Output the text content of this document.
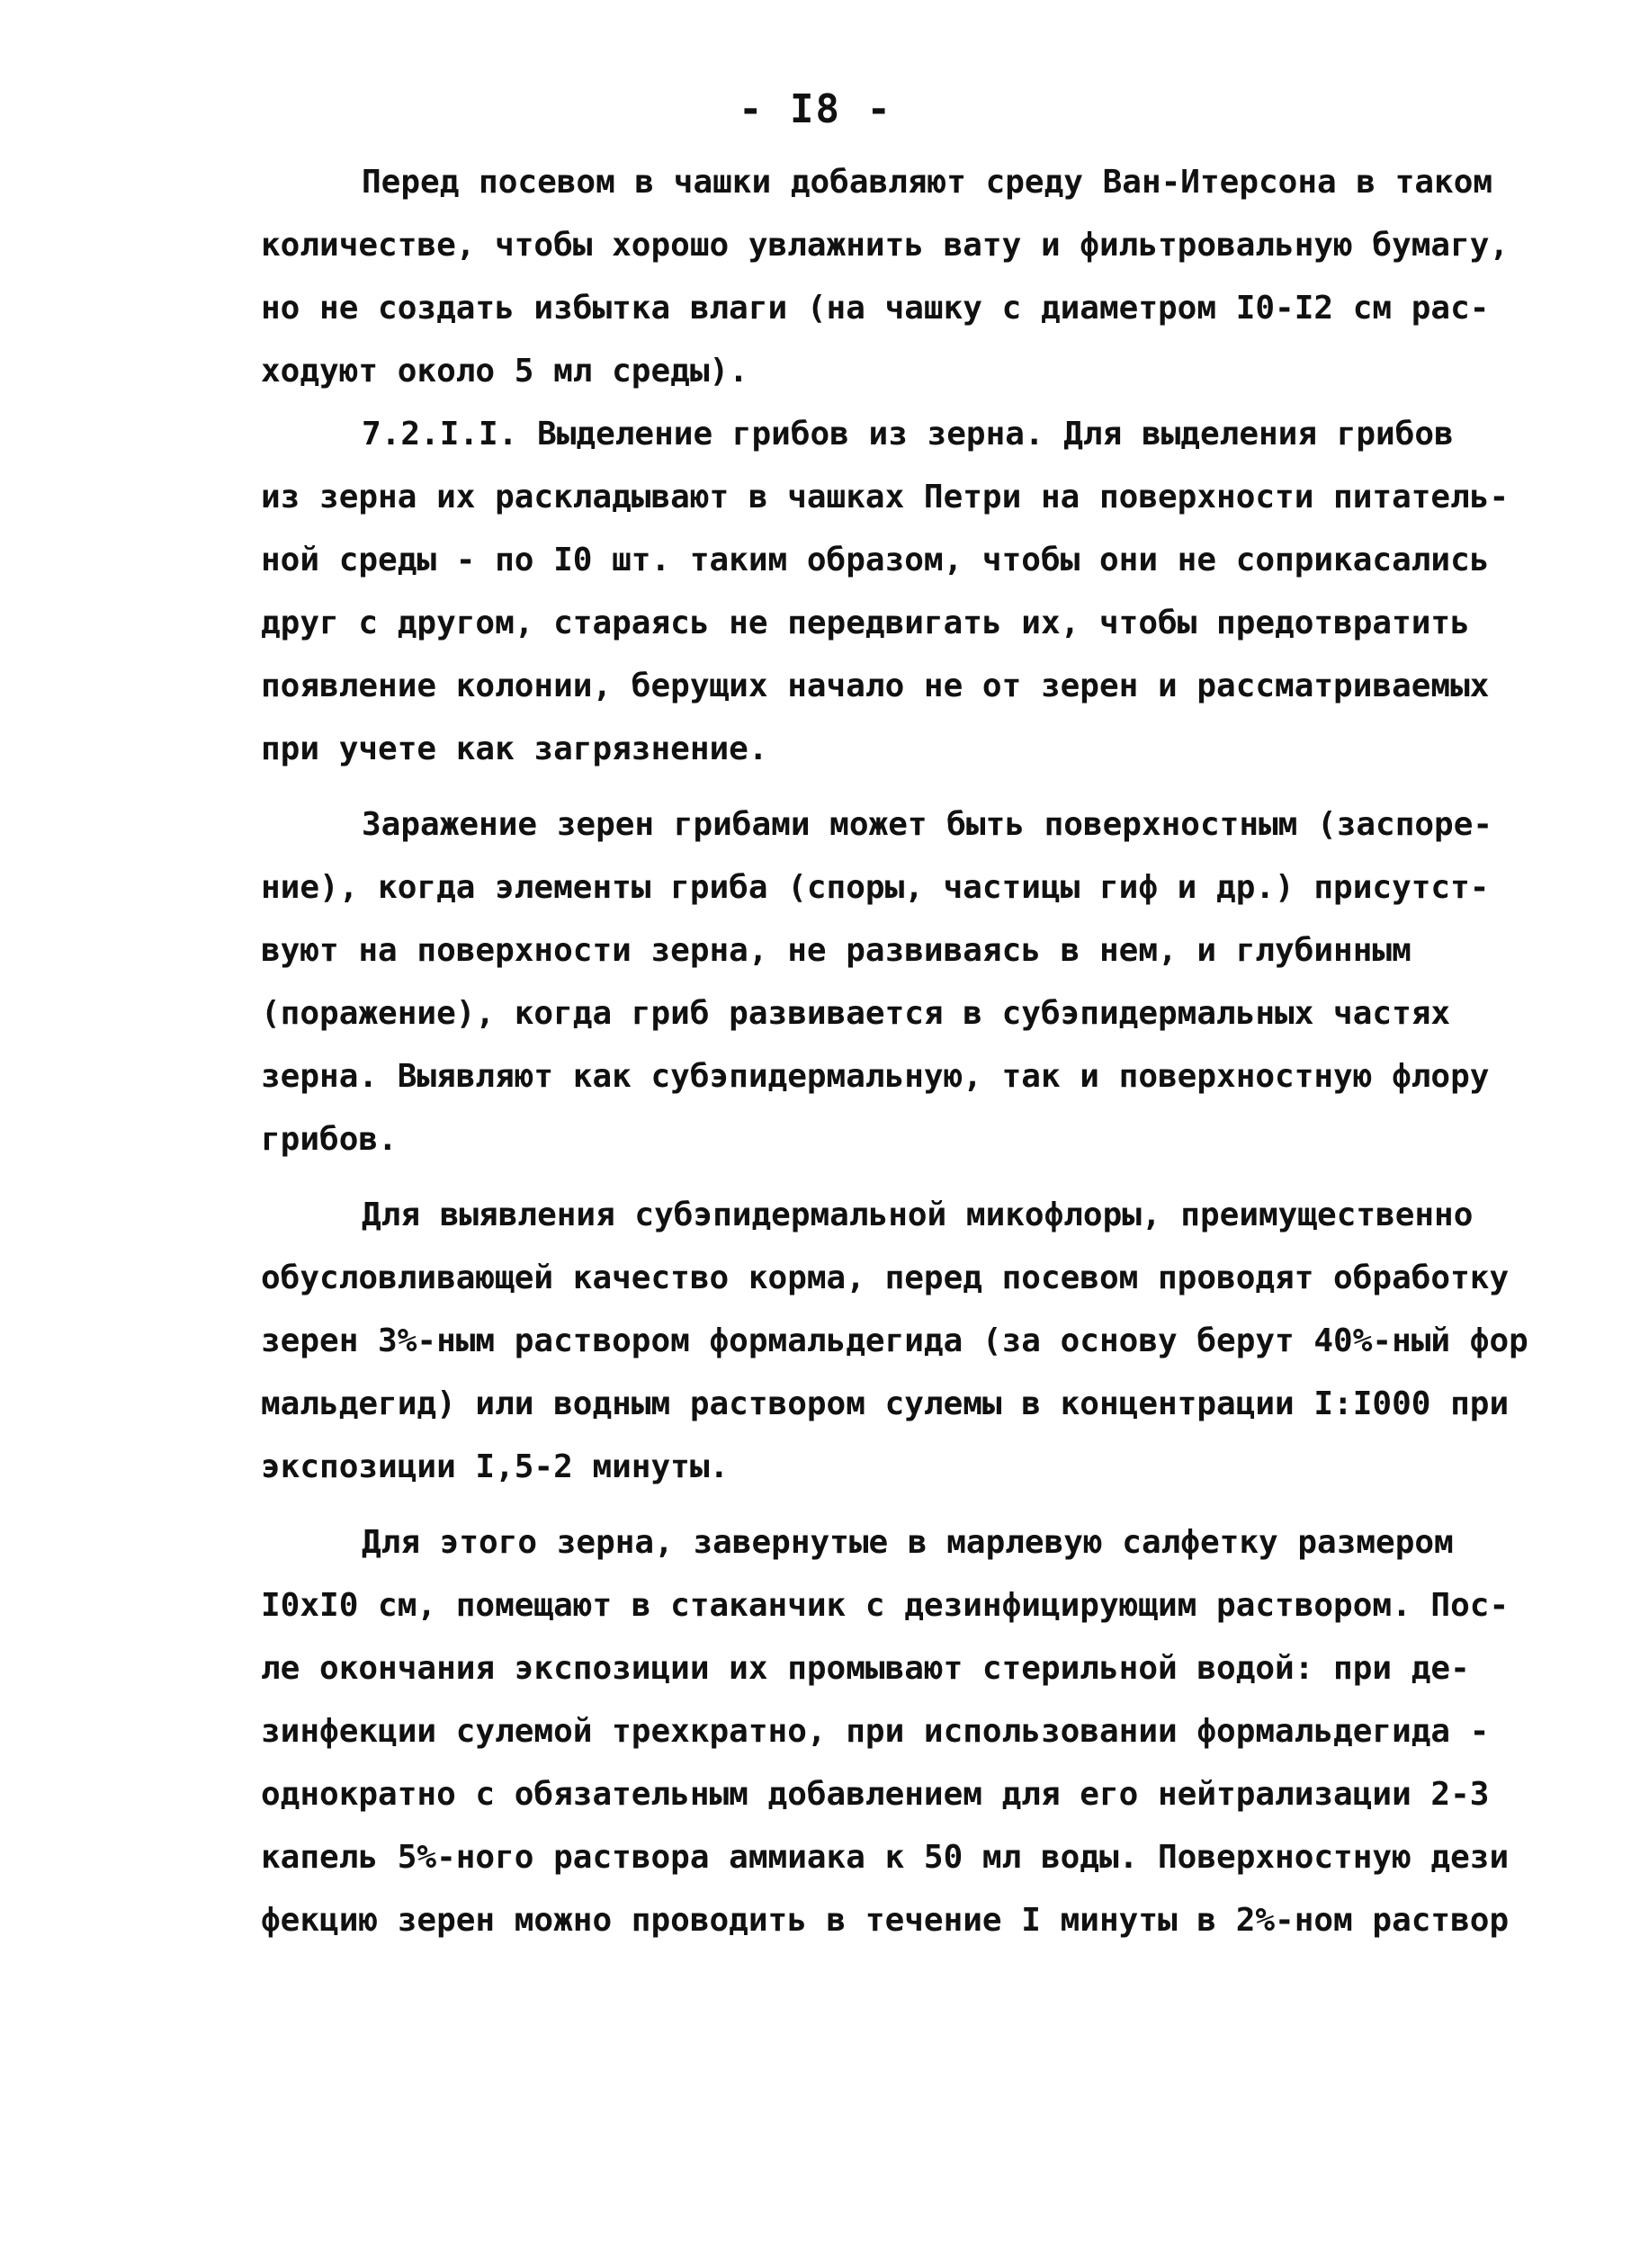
- I8 -
Перед посевом в чашки добавляют среду Ван-Итерсона в таком
количестве, чтобы хорошо увлажнить вату и фильтровальную бумагу,
но не создать избытка влаги (на чашку с диаметром I0-I2 см рас-
ходуют около 5 мл среды).
7.2.I.I. Выделение грибов из зерна. Для выделения грибов
из зерна их раскладывают в чашках Петри на поверхности питатель-
ной среды - по I0 шт. таким образом, чтобы они не соприкасались
друг с другом, стараясь не передвигать их, чтобы предотвратить
появление колонии, берущих начало не от зерен и рассматриваемых
при учете как загрязнение.
Заражение зерен грибами может быть поверхностным (заспоре-
ние), когда элементы гриба (споры, частицы гиф и др.) присутст-
вуют на поверхности зерна, не развиваясь в нем, и глубинным
(поражение), когда гриб развивается в субэпидермальных частях
зерна. Выявляют как субэпидермальную, так и поверхностную флору
грибов.
Для выявления субэпидермальной микофлоры, преимущественно
обусловливающей качество корма, перед посевом проводят обработку
зерен 3%-ным раствором формальдегида (за основу берут 40%-ный фор
мальдегид) или водным раствором сулемы в концентрации I:I000 при
экспозиции I,5-2 минуты.
Для этого зерна, завернутые в марлевую салфетку размером
I0хI0 см, помещают в стаканчик с дезинфицирующим раствором. Пос-
ле окончания экспозиции их промывают стерильной водой: при де-
зинфекции сулемой трехкратно, при использовании формальдегида -
однократно с обязательным добавлением для его нейтрализации 2-3
капель 5%-ного раствора аммиака к 50 мл воды. Поверхностную дези
фекцию зерен можно проводить в течение I минуты в 2%-ном раствор
